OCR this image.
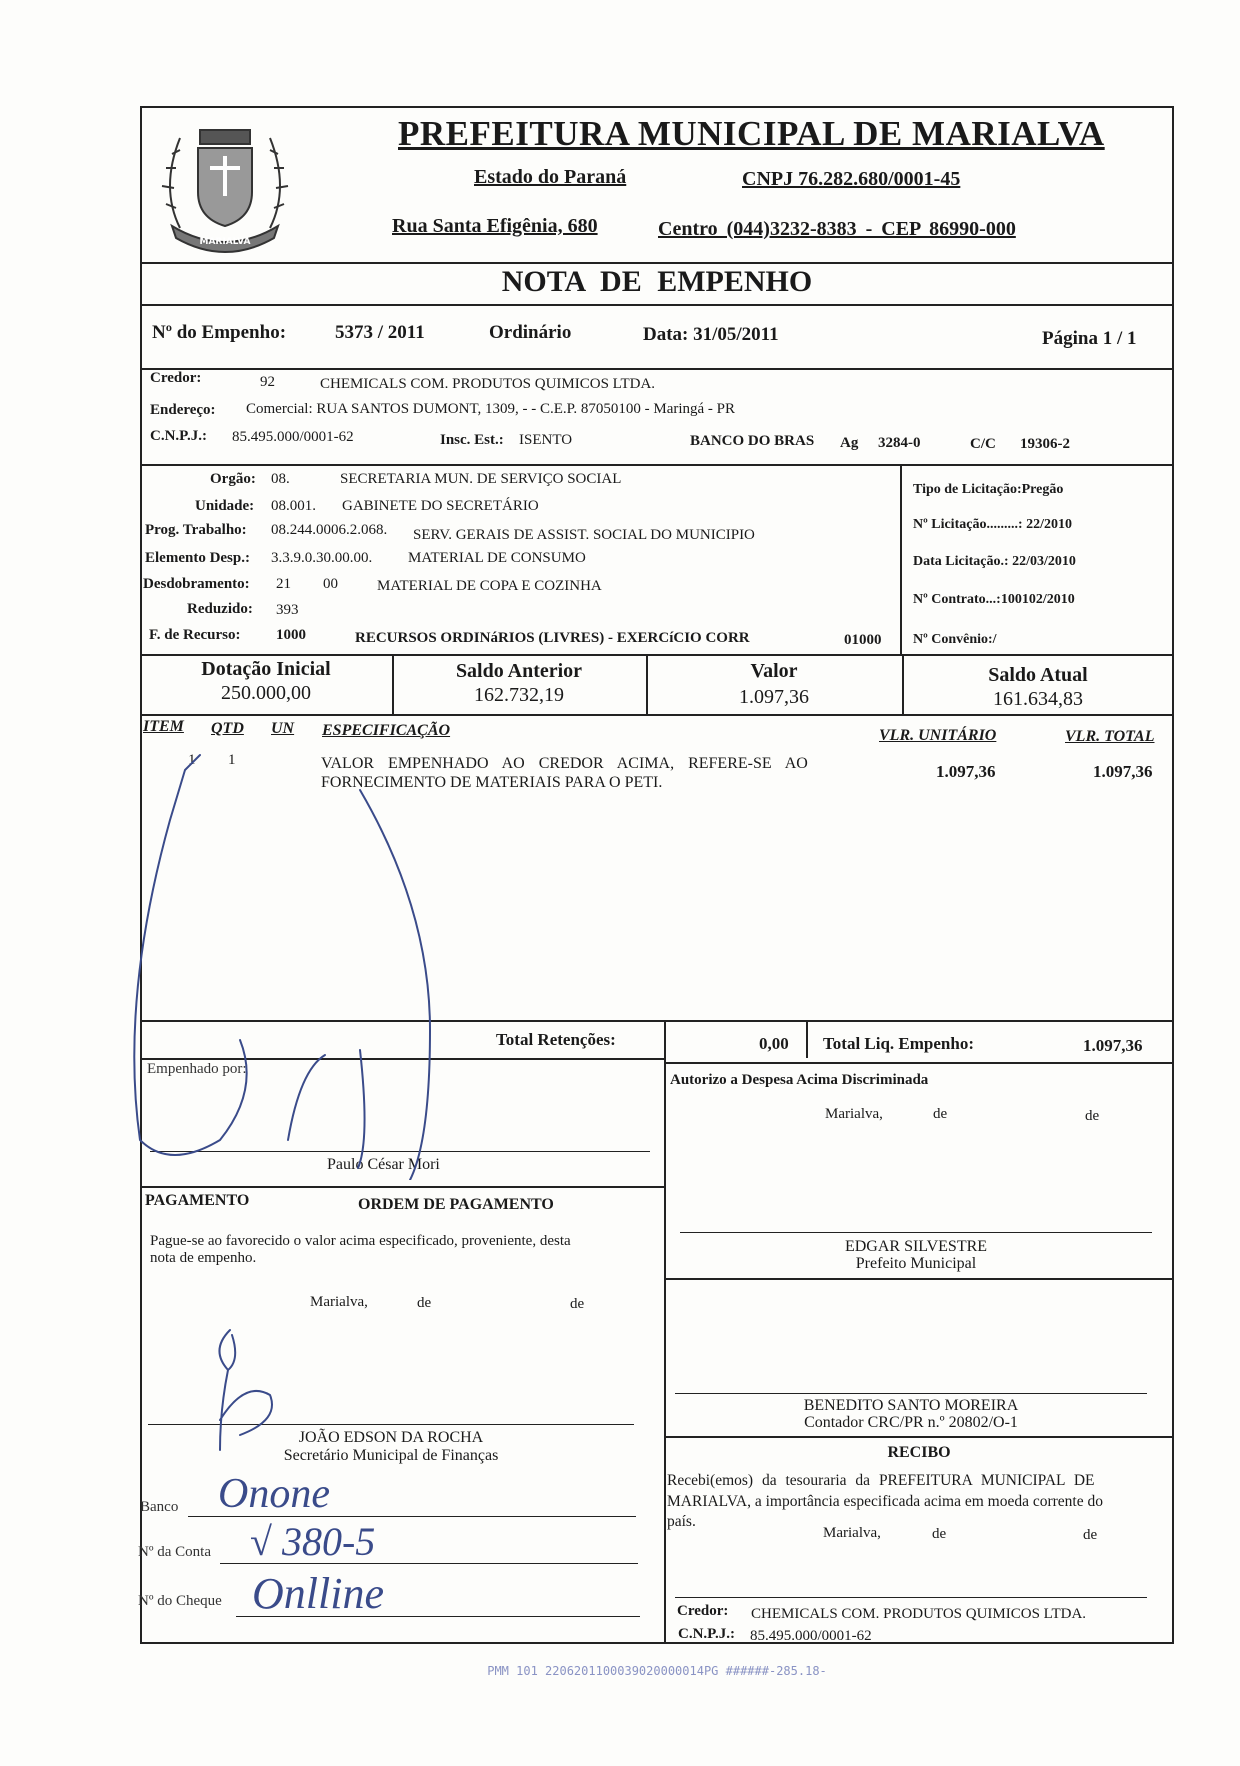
MARIALVA
PREFEITURA MUNICIPAL DE MARIALVA
Estado do Paraná	CNPJ 76.282.680/0001-45
Rua Santa Efigênia, 680	Centro (044)3232-8383 - CEP 86990-000
NOTA DE EMPENHO
Nº do Empenho:	5373 / 2011	Ordinário	Data: 31/05/2011	Página 1 / 1
Credor:	92	CHEMICALS COM. PRODUTOS QUIMICOS LTDA.
Endereço: Comercial: RUA SANTOS DUMONT, 1309, - - C.E.P. 87050100 - Maringá - PR
C.N.P.J.: 85.495.000/0001-62	Insc. Est.: ISENTO	BANCO DO BRAS Ag 3284-0	C/C 19306-2
Orgão: 08.	SECRETARIA MUN. DE SERVIÇO SOCIAL
Unidade: 08.001. GABINETE DO SECRETÁRIO
Prog. Trabalho: 08.244.0006.2.068. SERV. GERAIS DE ASSIST. SOCIAL DO MUNICIPIO
Elemento Desp.: 3.3.9.0.30.00.00. MATERIAL DE CONSUMO
Desdobramento: 21 00	MATERIAL DE COPA E COZINHA
Reduzido: 393
F. de Recurso: 1000	RECURSOS ORDINáRIOS (LIVRES) - EXERCíCIO CORR	01000
Tipo de Licitação:Pregão
Nº Licitação.........: 22/2010
Data Licitação.: 22/03/2010
Nº Contrato...:100102/2010
Nº Convênio:/
Dotação Inicial
250.000,00
Saldo Anterior
162.732,19
Valor
1.097,36
Saldo Atual
161.634,83
ITEM QTD UN ESPECIFICAÇÃO	VLR. UNITÁRIO	VLR. TOTAL
1 1	VALOR EMPENHADO AO CREDOR ACIMA, REFERE-SE AO
FORNECIMENTO DE MATERIAIS PARA O PETI.
1.097,36	1.097,36
Total Retenções:	0,00 Total Liq. Empenho:	1.097,36
Empenhado por:
Paulo César Mori
Autorizo a Despesa Acima Discriminada
Marialva,	de	de
EDGAR SILVESTRE
Prefeito Municipal
PAGAMENTO	ORDEM DE PAGAMENTO
Pague-se ao favorecido o valor acima especificado, proveniente, desta
nota de empenho.
Marialva,	de	de
JOÃO EDSON DA ROCHA
Secretário Municipal de Finanças
BENEDITO SANTO MOREIRA
Contador CRC/PR n.º 20802/O-1
Banco
Nº da Conta
Nº do Cheque
Onone
√ 380-5
Onlline
RECIBO
Recebi(emos) da tesouraria da PREFEITURA MUNICIPAL DE
MARIALVA, a importância especificada acima em moeda corrente do
país.
Marialva,	de	de
Credor: CHEMICALS COM. PRODUTOS QUIMICOS LTDA.
C.N.P.J.: 85.495.000/0001-62
PMM 101 2206201100039020000014PG ######-285.18-
